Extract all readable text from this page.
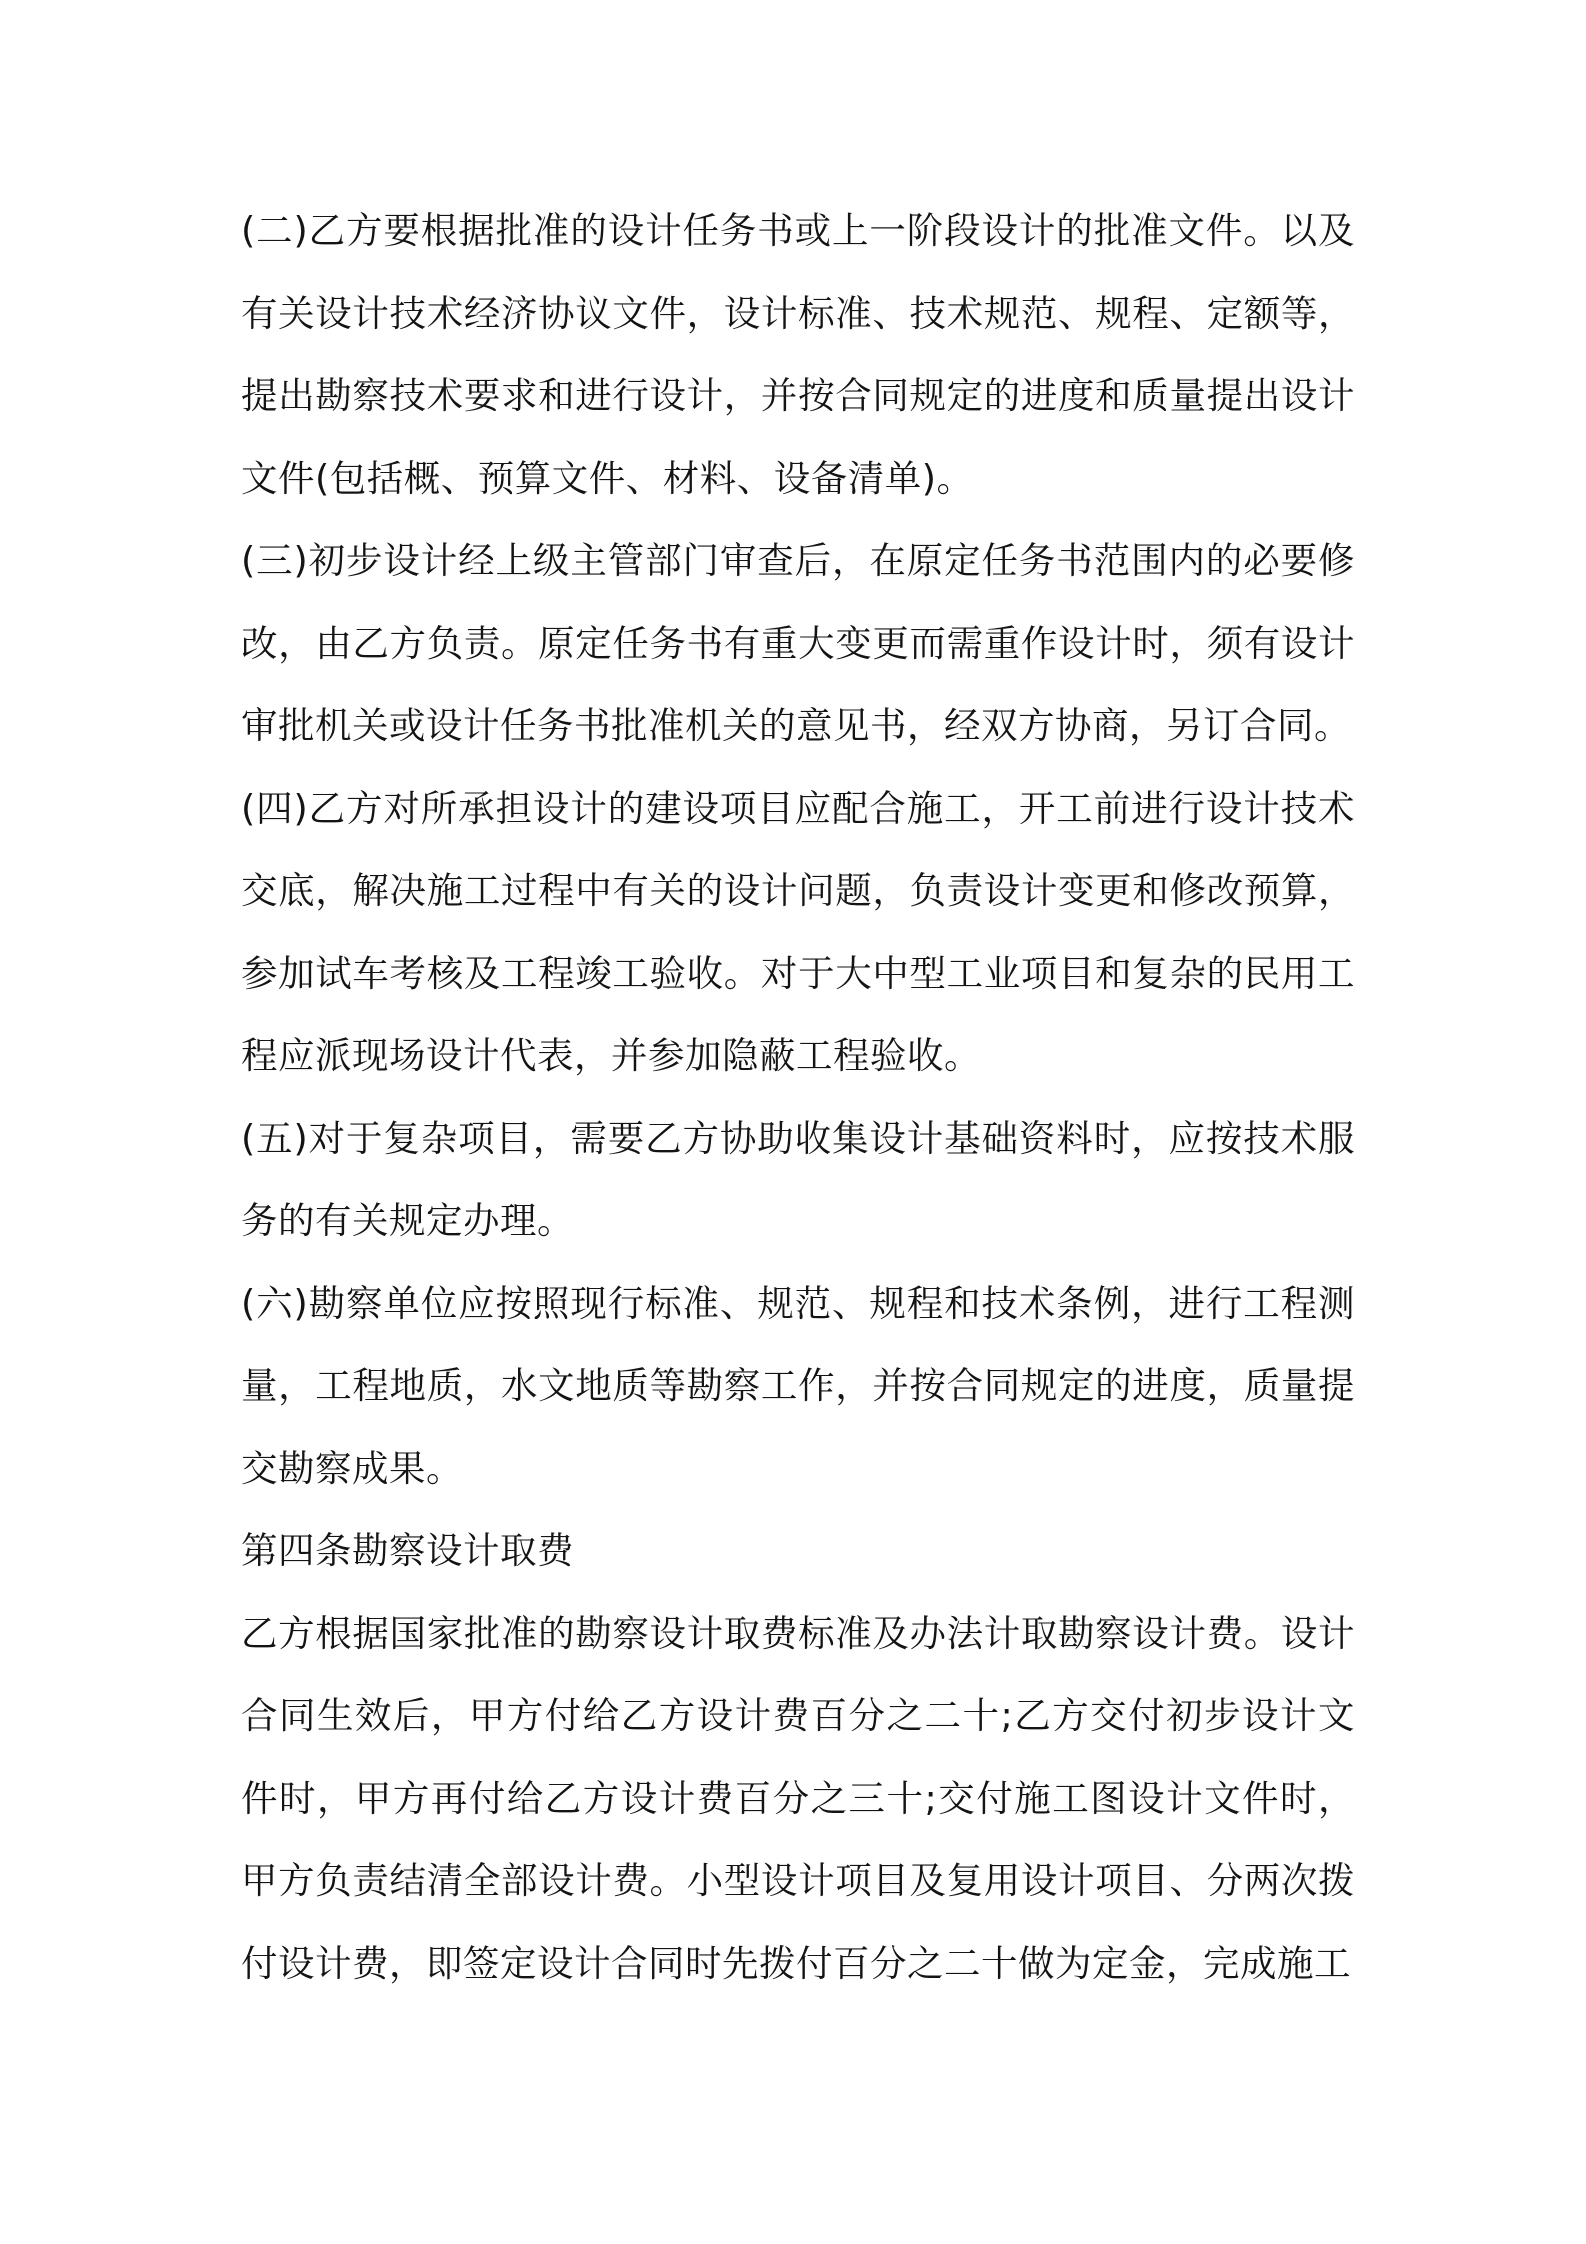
(二)乙方要根据批准的设计任务书或上一阶段设计的批准文件。以及有关设计技术经济协议文件，设计标准、技术规范、规程、定额等，提出勘察技术要求和进行设计，并按合同规定的进度和质量提出设计文件(包括概、预算文件、材料、设备清单)。

(三)初步设计经上级主管部门审查后，在原定任务书范围内的必要修改，由乙方负责。原定任务书有重大变更而需重作设计时，须有设计审批机关或设计任务书批准机关的意见书，经双方协商，另订合同。

(四)乙方对所承担设计的建设项目应配合施工，开工前进行设计技术交底，解决施工过程中有关的设计问题，负责设计变更和修改预算，参加试车考核及工程竣工验收。对于大中型工业项目和复杂的民用工程应派现场设计代表，并参加隐蔽工程验收。

(五)对于复杂项目，需要乙方协助收集设计基础资料时，应按技术服务的有关规定办理。

(六)勘察单位应按照现行标准、规范、规程和技术条例，进行工程测量，工程地质，水文地质等勘察工作，并按合同规定的进度，质量提交勘察成果。

第四条勘察设计取费

乙方根据国家批准的勘察设计取费标准及办法计取勘察设计费。设计合同生效后，甲方付给乙方设计费百分之二十;乙方交付初步设计文件时，甲方再付给乙方设计费百分之三十;交付施工图设计文件时，甲方负责结清全部设计费。小型设计项目及复用设计项目、分两次拨付设计费，即签定设计合同时先拨付百分之二十做为定金，完成施工
